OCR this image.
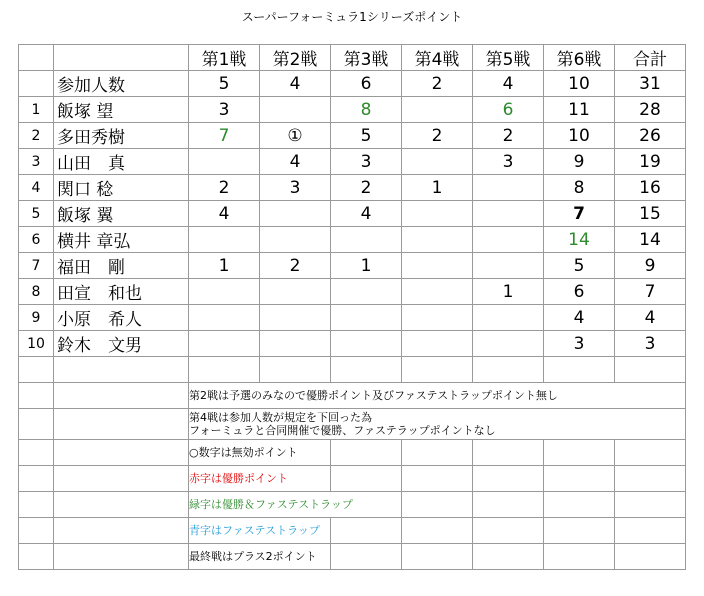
スーパーフォーミュラ1シリーズポイント
		第1戦	第2戦	第3戦	第4戦	第5戦	第6戦	合計
	参加人数	5	4	6	2	4	10	31
1	飯塚 望	3		8		6	11	28
2	多田秀樹	7	①	5	2	2	10	26
3	山田　真		4	3		3	9	19
4	関口 稔	2	3	2	1		8	16
5	飯塚 翼	4		4			7	15
6	横井 章弘						14	14
7	福田　剛	1	2	1			5	9
8	田宣　和也					1	6	7
9	小原　希人						4	4
10	鈴木　文男						3	3

		第2戦は予選のみなので優勝ポイント及びファステストラップポイント無し						
		第4戦は参加人数が規定を下回った為
フォーミュラと合同開催で優勝、ファステラップポイントなし						
		○数字は無効ポイント						
		赤字は優勝ポイント						
		緑字は優勝＆ファステストラップ						
		青字はファステストラップ						
		最終戦はプラス2ポイント						
